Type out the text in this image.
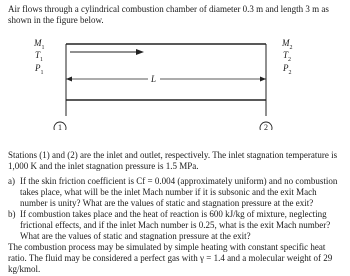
Air flows through a cylindrical combustion chamber of diameter 0.3 m and length 3 m as shown in the figure below.
$M_1$
$T_1$
$P_1$
$M_2$
$T_2$
$P_2$
L
1	2
Stations (1) and (2) are the inlet and outlet, respectively. The inlet stagnation temperature is 1,000 K and the inlet stagnation pressure is 1.5 MPa.
a) If the skin friction coefficient is Cf = 0.004 (approximately uniform) and no combustion takes place, what will be the inlet Mach number if it is subsonic and the exit Mach number is unity? What are the values of static and stagnation pressure at the exit?
b) If combustion takes place and the heat of reaction is 600 kJ/kg of mixture, neglecting frictional effects, and if the inlet Mach number is 0.25, what is the exit Mach number? What are the values of static and stagnation pressure at the exit?
The combustion process may be simulated by simple heating with constant specific heat ratio. The fluid may be considered a perfect gas with γ = 1.4 and a molecular weight of 29 kg/kmol.
